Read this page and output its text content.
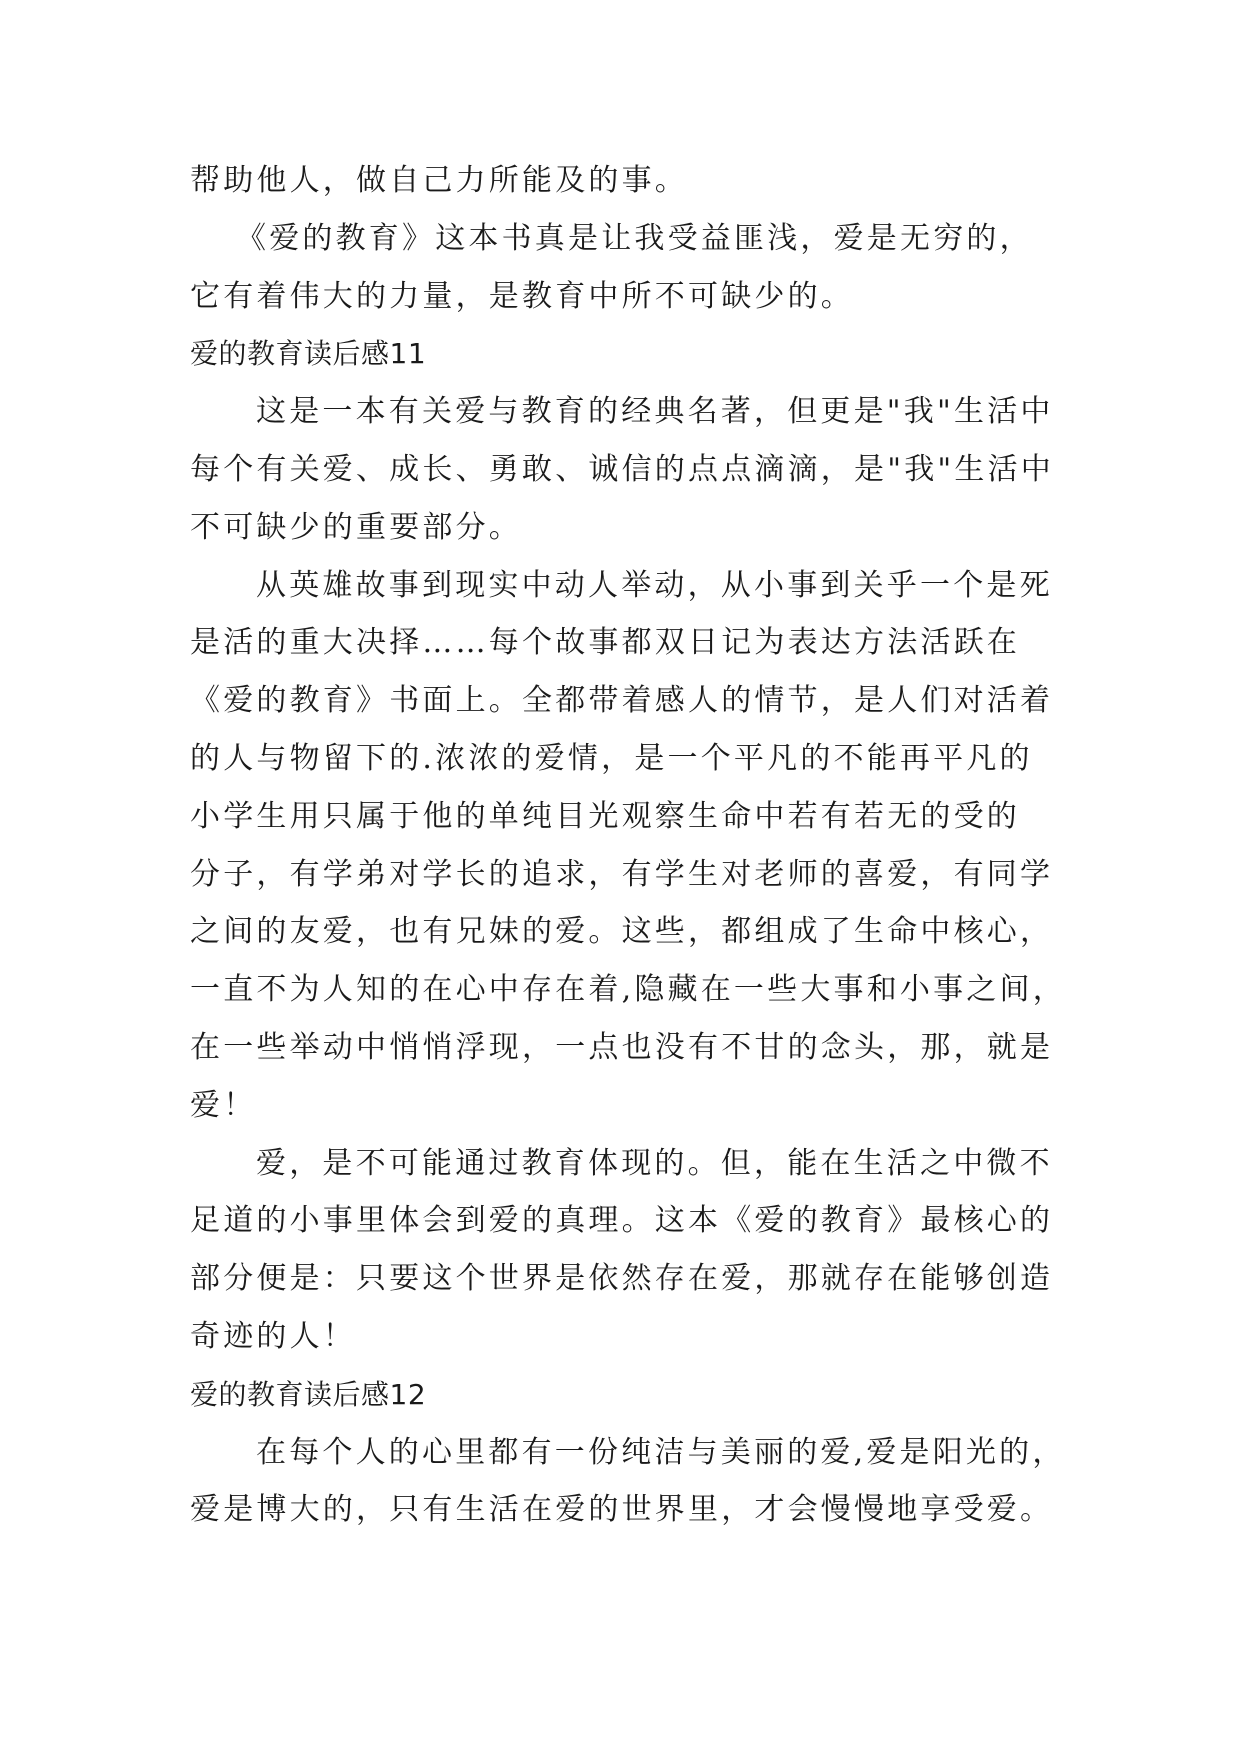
帮助他人，做自己力所能及的事。
《爱的教育》这本书真是让我受益匪浅，爱是无穷的，
它有着伟大的力量，是教育中所不可缺少的。
爱的教育读后感11
这是一本有关爱与教育的经典名著，但更是"我"生活中
每个有关爱、成长、勇敢、诚信的点点滴滴，是"我"生活中
不可缺少的重要部分。
从英雄故事到现实中动人举动，从小事到关乎一个是死
是活的重大决择……每个故事都双日记为表达方法活跃在
《爱的教育》书面上。全都带着感人的情节，是人们对活着
的人与物留下的.浓浓的爱情，是一个平凡的不能再平凡的
小学生用只属于他的单纯目光观察生命中若有若无的受的
分子，有学弟对学长的追求，有学生对老师的喜爱，有同学
之间的友爱，也有兄妹的爱。这些，都组成了生命中核心，
一直不为人知的在心中存在着,隐藏在一些大事和小事之间，
在一些举动中悄悄浮现，一点也没有不甘的念头，那，就是
爱！
爱，是不可能通过教育体现的。但，能在生活之中微不
足道的小事里体会到爱的真理。这本《爱的教育》最核心的
部分便是：只要这个世界是依然存在爱，那就存在能够创造
奇迹的人！
爱的教育读后感12
在每个人的心里都有一份纯洁与美丽的爱,爱是阳光的，
爱是博大的，只有生活在爱的世界里，才会慢慢地享受爱。
